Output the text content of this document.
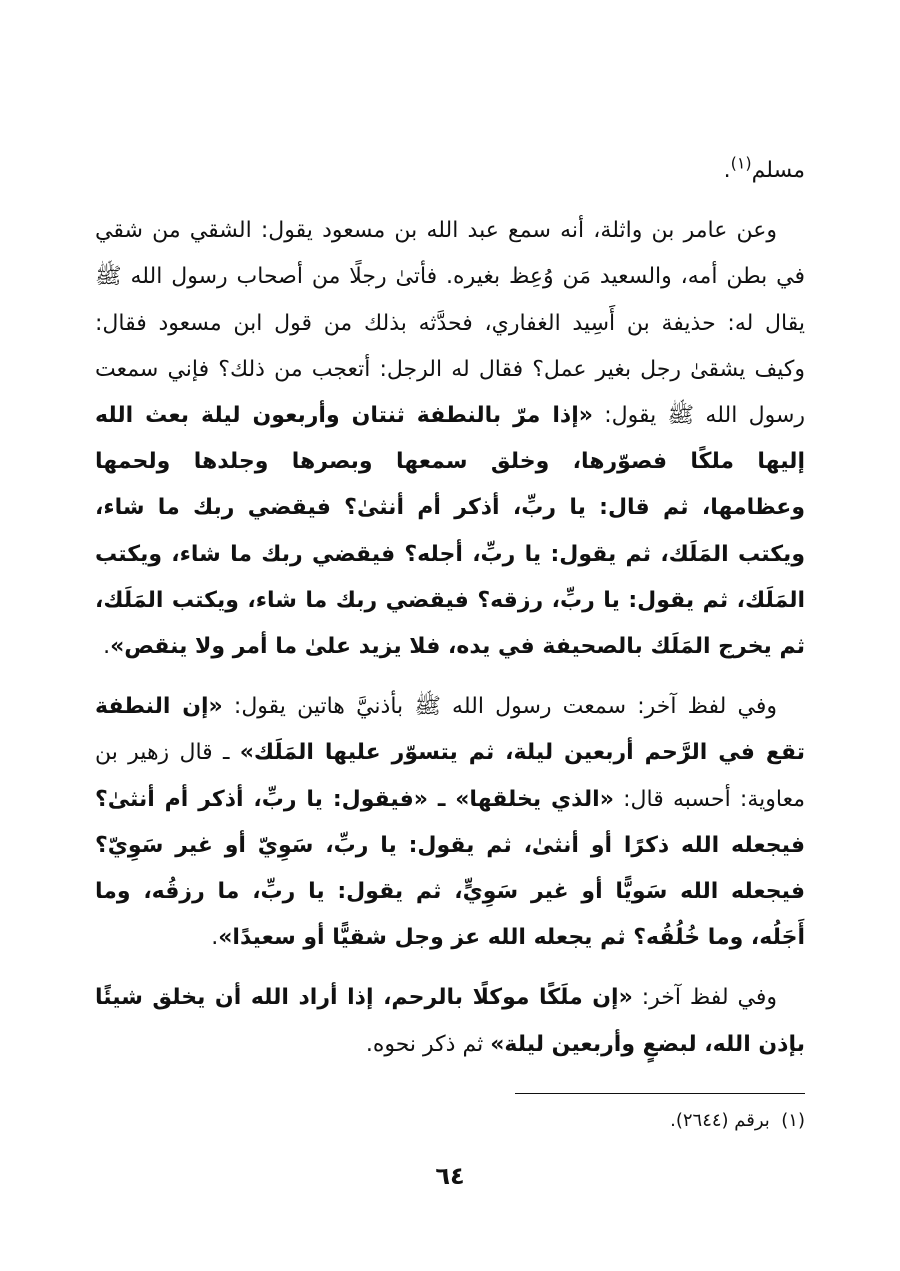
مسلم$^{(١)}$.

وعن عامر بن واثلة، أنه سمع عبد الله بن مسعود يقول: الشقي من شقي في بطن أمه، والسعيد مَن وُعِظ بغيره. فأتىٰ رجلًا من أصحاب رسول الله ﷺ يقال له: حذيفة بن أَسِيد الغفاري، فحدَّثه بذلك من قول ابن مسعود فقال: وكيف يشقىٰ رجل بغير عمل؟ فقال له الرجل: أتعجب من ذلك؟ فإني سمعت رسول الله ﷺ يقول: «إذا مرّ بالنطفة ثنتان وأربعون ليلة بعث الله إليها ملكًا فصوّرها، وخلق سمعها وبصرها وجلدها ولحمها وعظامها، ثم قال: يا ربِّ، أذكر أم أنثىٰ؟ فيقضي ربك ما شاء، ويكتب المَلَك، ثم يقول: يا ربِّ، أجله؟ فيقضي ربك ما شاء، ويكتب المَلَك، ثم يقول: يا ربِّ، رزقه؟ فيقضي ربك ما شاء، ويكتب المَلَك، ثم يخرج المَلَك بالصحيفة في يده، فلا يزيد علىٰ ما أمر ولا ينقص».

وفي لفظ آخر: سمعت رسول الله ﷺ بأذنيَّ هاتين يقول: «إن النطفة تقع في الرَّحم أربعين ليلة، ثم يتسوّر عليها المَلَك» ـ قال زهير بن معاوية: أحسبه قال: «الذي يخلقها» ـ «فيقول: يا ربِّ، أذكر أم أنثىٰ؟ فيجعله الله ذكرًا أو أنثىٰ، ثم يقول: يا ربِّ، سَوِيّ أو غير سَوِيّ؟ فيجعله الله سَويًّا أو غير سَوِيٍّ، ثم يقول: يا ربِّ، ما رزقُه، وما أَجَلُه، وما خُلُقُه؟ ثم يجعله الله عز وجل شقيًّا أو سعيدًا».

وفي لفظ آخر: «إن ملَكًا موكلًا بالرحم، إذا أراد الله أن يخلق شيئًا بإذن الله، لبضعٍ وأربعين ليلة» ثم ذكر نحوه.

(١)  برقم (٢٦٤٤).
٦٤
